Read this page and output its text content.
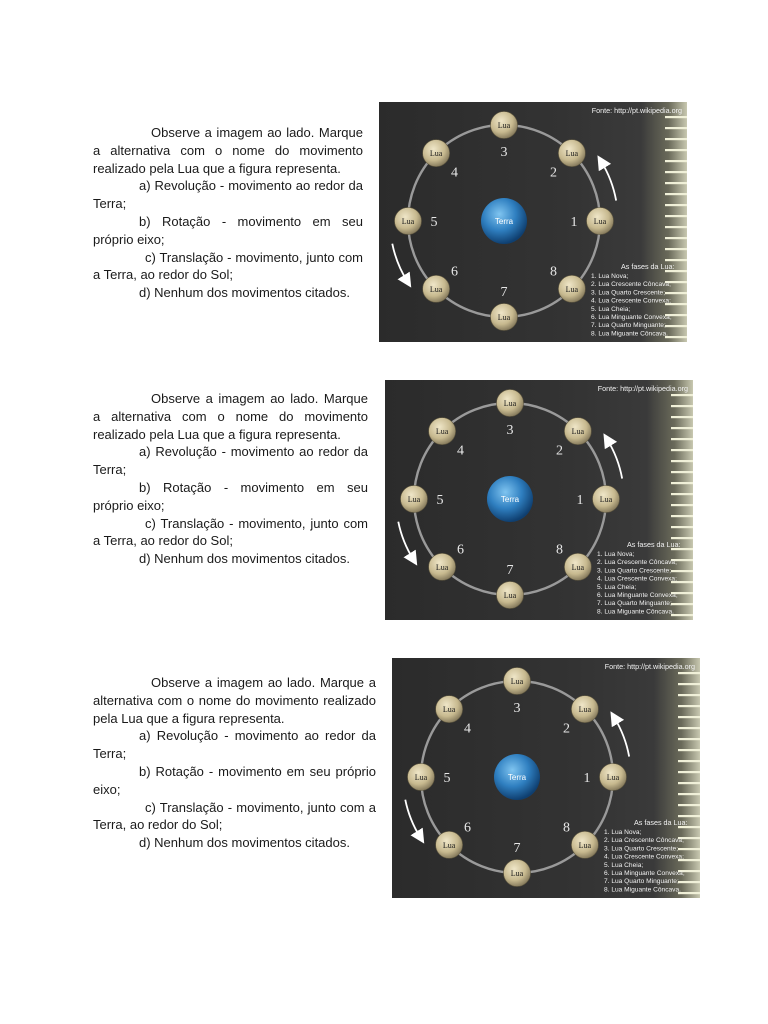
Observe a imagem ao lado. Marque a alternativa com o nome do movimento realizado pela Lua que a figura representa.

a) Revolução - movimento ao redor da Terra;

b) Rotação - movimento em seu próprio eixo;

c) Translação - movimento, junto com a Terra, ao redor do Sol;

d) Nenhum dos movimentos citados.

Fonte: http://pt.wikipedia.org
Terra	Lua
1
Lua
2
Lua
3
Lua
4
Lua 5
Lua
6
Lua
7	Lua
8	As fases da Lua:
1. Lua Nova;
2. Lua Crescente Côncava;
3. Lua Quarto Crescente;
4. Lua Crescente Convexa;
5. Lua Cheia;
6. Lua Minguante Convexa;
7. Lua Quarto Minguante;
8. Lua Miguante Côncava.

Observe a imagem ao lado. Marque a alternativa com o nome do movimento realizado pela Lua que a figura representa.

a) Revolução - movimento ao redor da Terra;

b) Rotação - movimento em seu próprio eixo;

c) Translação - movimento, junto com a Terra, ao redor do Sol;

d) Nenhum dos movimentos citados.

Fonte: http://pt.wikipedia.org
Terra	Lua
1
Lua
2
Lua
3
Lua
4
Lua 5
Lua
6
Lua
7	Lua
8	As fases da Lua:
1. Lua Nova;
2. Lua Crescente Côncava;
3. Lua Quarto Crescente;
4. Lua Crescente Convexa;
5. Lua Cheia;
6. Lua Minguante Convexa;
7. Lua Quarto Minguante;
8. Lua Miguante Côncava.

Observe a imagem ao lado. Marque a alternativa com o nome do movimento realizado pela Lua que a figura representa.

a) Revolução - movimento ao redor da Terra;

b) Rotação - movimento em seu próprio eixo;

c) Translação - movimento, junto com a Terra, ao redor do Sol;

d) Nenhum dos movimentos citados.

Fonte: http://pt.wikipedia.org
Terra	Lua
1
Lua
2
Lua
3
Lua
4
Lua 5
Lua
6
Lua
7	Lua
8	As fases da Lua:
1. Lua Nova;
2. Lua Crescente Côncava;
3. Lua Quarto Crescente;
4. Lua Crescente Convexa;
5. Lua Cheia;
6. Lua Minguante Convexa;
7. Lua Quarto Minguante;
8. Lua Miguante Côncava.
